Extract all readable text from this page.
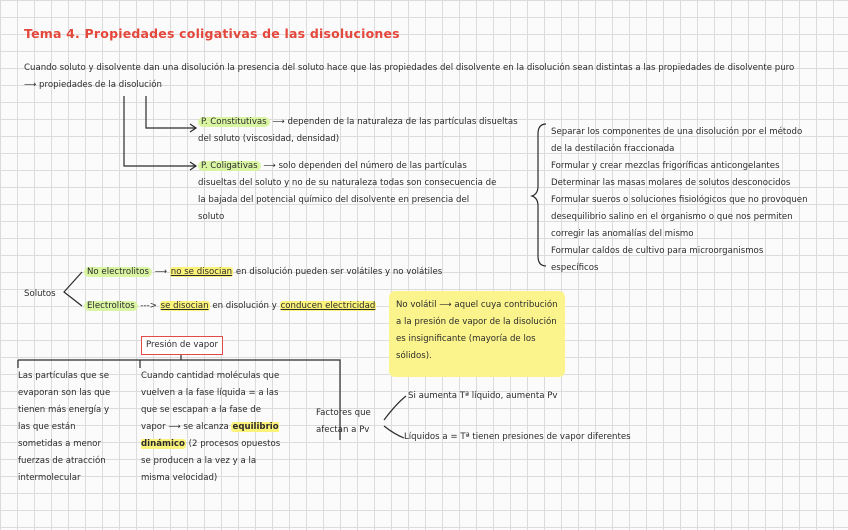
Tema 4. Propiedades coligativas de las disoluciones
Cuando soluto y disolvente dan una disolución la presencia del soluto hace que las propiedades del disolvente en la disolución sean distintas a las propiedades de disolvente puro
⟶ propiedades de la disolución
P. Constitutivas ⟶ dependen de la naturaleza de las partículas disueltas del soluto (viscosidad, densidad)
P. Coligativas ⟶ solo dependen del número de las partículas disueltas del soluto y no de su naturaleza todas son consecuencia de la bajada del potencial químico del disolvente en presencia del soluto
Separar los componentes de una disolución por el método de la destilación fraccionada
Formular y crear mezclas frigoríficas anticongelantes
Determinar las masas molares de solutos desconocidos
Formular sueros o soluciones fisiológicos que no provoquen desequilibrio salino en el organismo o que nos permiten corregir las anomalías del mismo
Formular caldos de cultivo para microorganismos específicos
Solutos
No electrolitos ⟶ no se disocian en disolución pueden ser volátiles y no volátiles
Electrolitos ---> se disocian en disolución y conducen electricidad No volátil ⟶ aquel cuya contribución a la presión de vapor de la disolución es insignificante (mayoría de los sólidos).
Presión de vapor
Las partículas que se evaporan son las que tienen más energía y las que están sometidas a menor fuerzas de atracción intermolecular
Cuando cantidad moléculas que vuelven a la fase líquida = a las que se escapan a la fase de vapor ⟶ se alcanza equilibrio dinámico (2 procesos opuestos se producen a la vez y a la misma velocidad)
Factores que afectan a Pv
Si aumenta Tª líquido, aumenta Pv
Líquidos a = Tª tienen presiones de vapor diferentes
